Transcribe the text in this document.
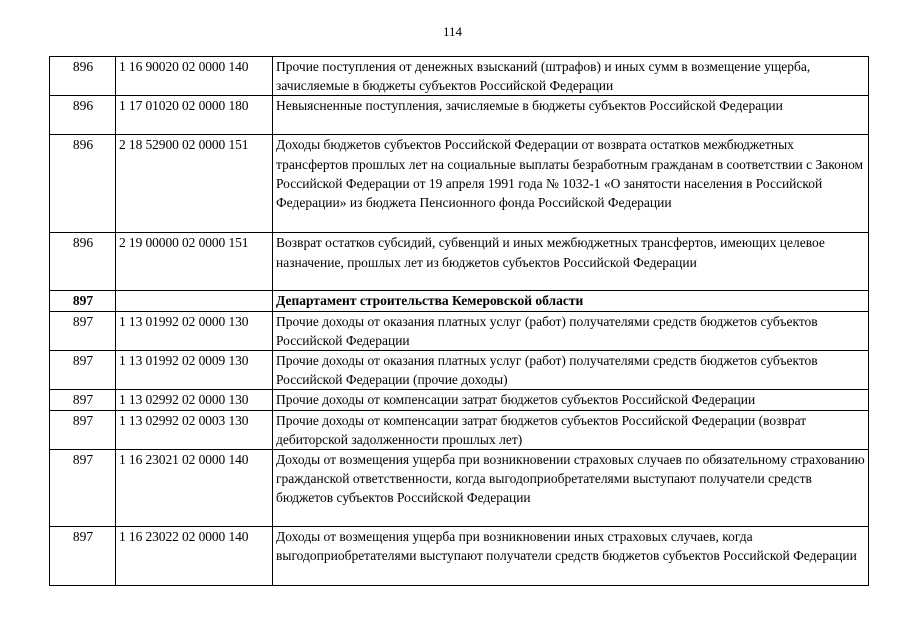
114
896	1 16 90020 02 0000 140	Прочие поступления от денежных взысканий (штрафов) и иных сумм в возмещение ущерба, зачисляемые в бюджеты субъектов Российской Федерации
896	1 17 01020 02 0000 180	Невыясненные поступления, зачисляемые в бюджеты субъектов Российской Федерации
896	2 18 52900 02 0000 151	Доходы бюджетов субъектов Российской Федерации от возврата остатков межбюджетных трансфертов прошлых лет на социальные выплаты безработным гражданам в соответствии с Законом Российской Федерации от 19 апреля 1991 года № 1032-1 «О занятости населения в Российской Федерации» из бюджета Пенсионного фонда Российской Федерации
896	2 19 00000 02 0000 151	Возврат остатков субсидий, субвенций и иных межбюджетных трансфертов, имеющих целевое назначение, прошлых лет из бюджетов субъектов Российской Федерации
897		Департамент строительства Кемеровской области
897	1 13 01992 02 0000 130	Прочие доходы от оказания платных услуг (работ) получателями средств бюджетов субъектов Российской Федерации
897	1 13 01992 02 0009 130	Прочие доходы от оказания платных услуг (работ) получателями средств бюджетов субъектов Российской Федерации (прочие доходы)
897	1 13 02992 02 0000 130	Прочие доходы от компенсации затрат бюджетов субъектов Российской Федерации
897	1 13 02992 02 0003 130	Прочие доходы от компенсации затрат бюджетов субъектов Российской Федерации (возврат дебиторской задолженности прошлых лет)
897	1 16 23021 02 0000 140	Доходы от возмещения ущерба при возникновении страховых случаев по обязательному страхованию гражданской ответственности, когда выгодоприобретателями выступают получатели средств бюджетов субъектов Российской Федерации
897	1 16 23022 02 0000 140	Доходы от возмещения ущерба при возникновении иных страховых случаев, когда выгодоприобретателями выступают получатели средств бюджетов субъектов Российской Федерации
